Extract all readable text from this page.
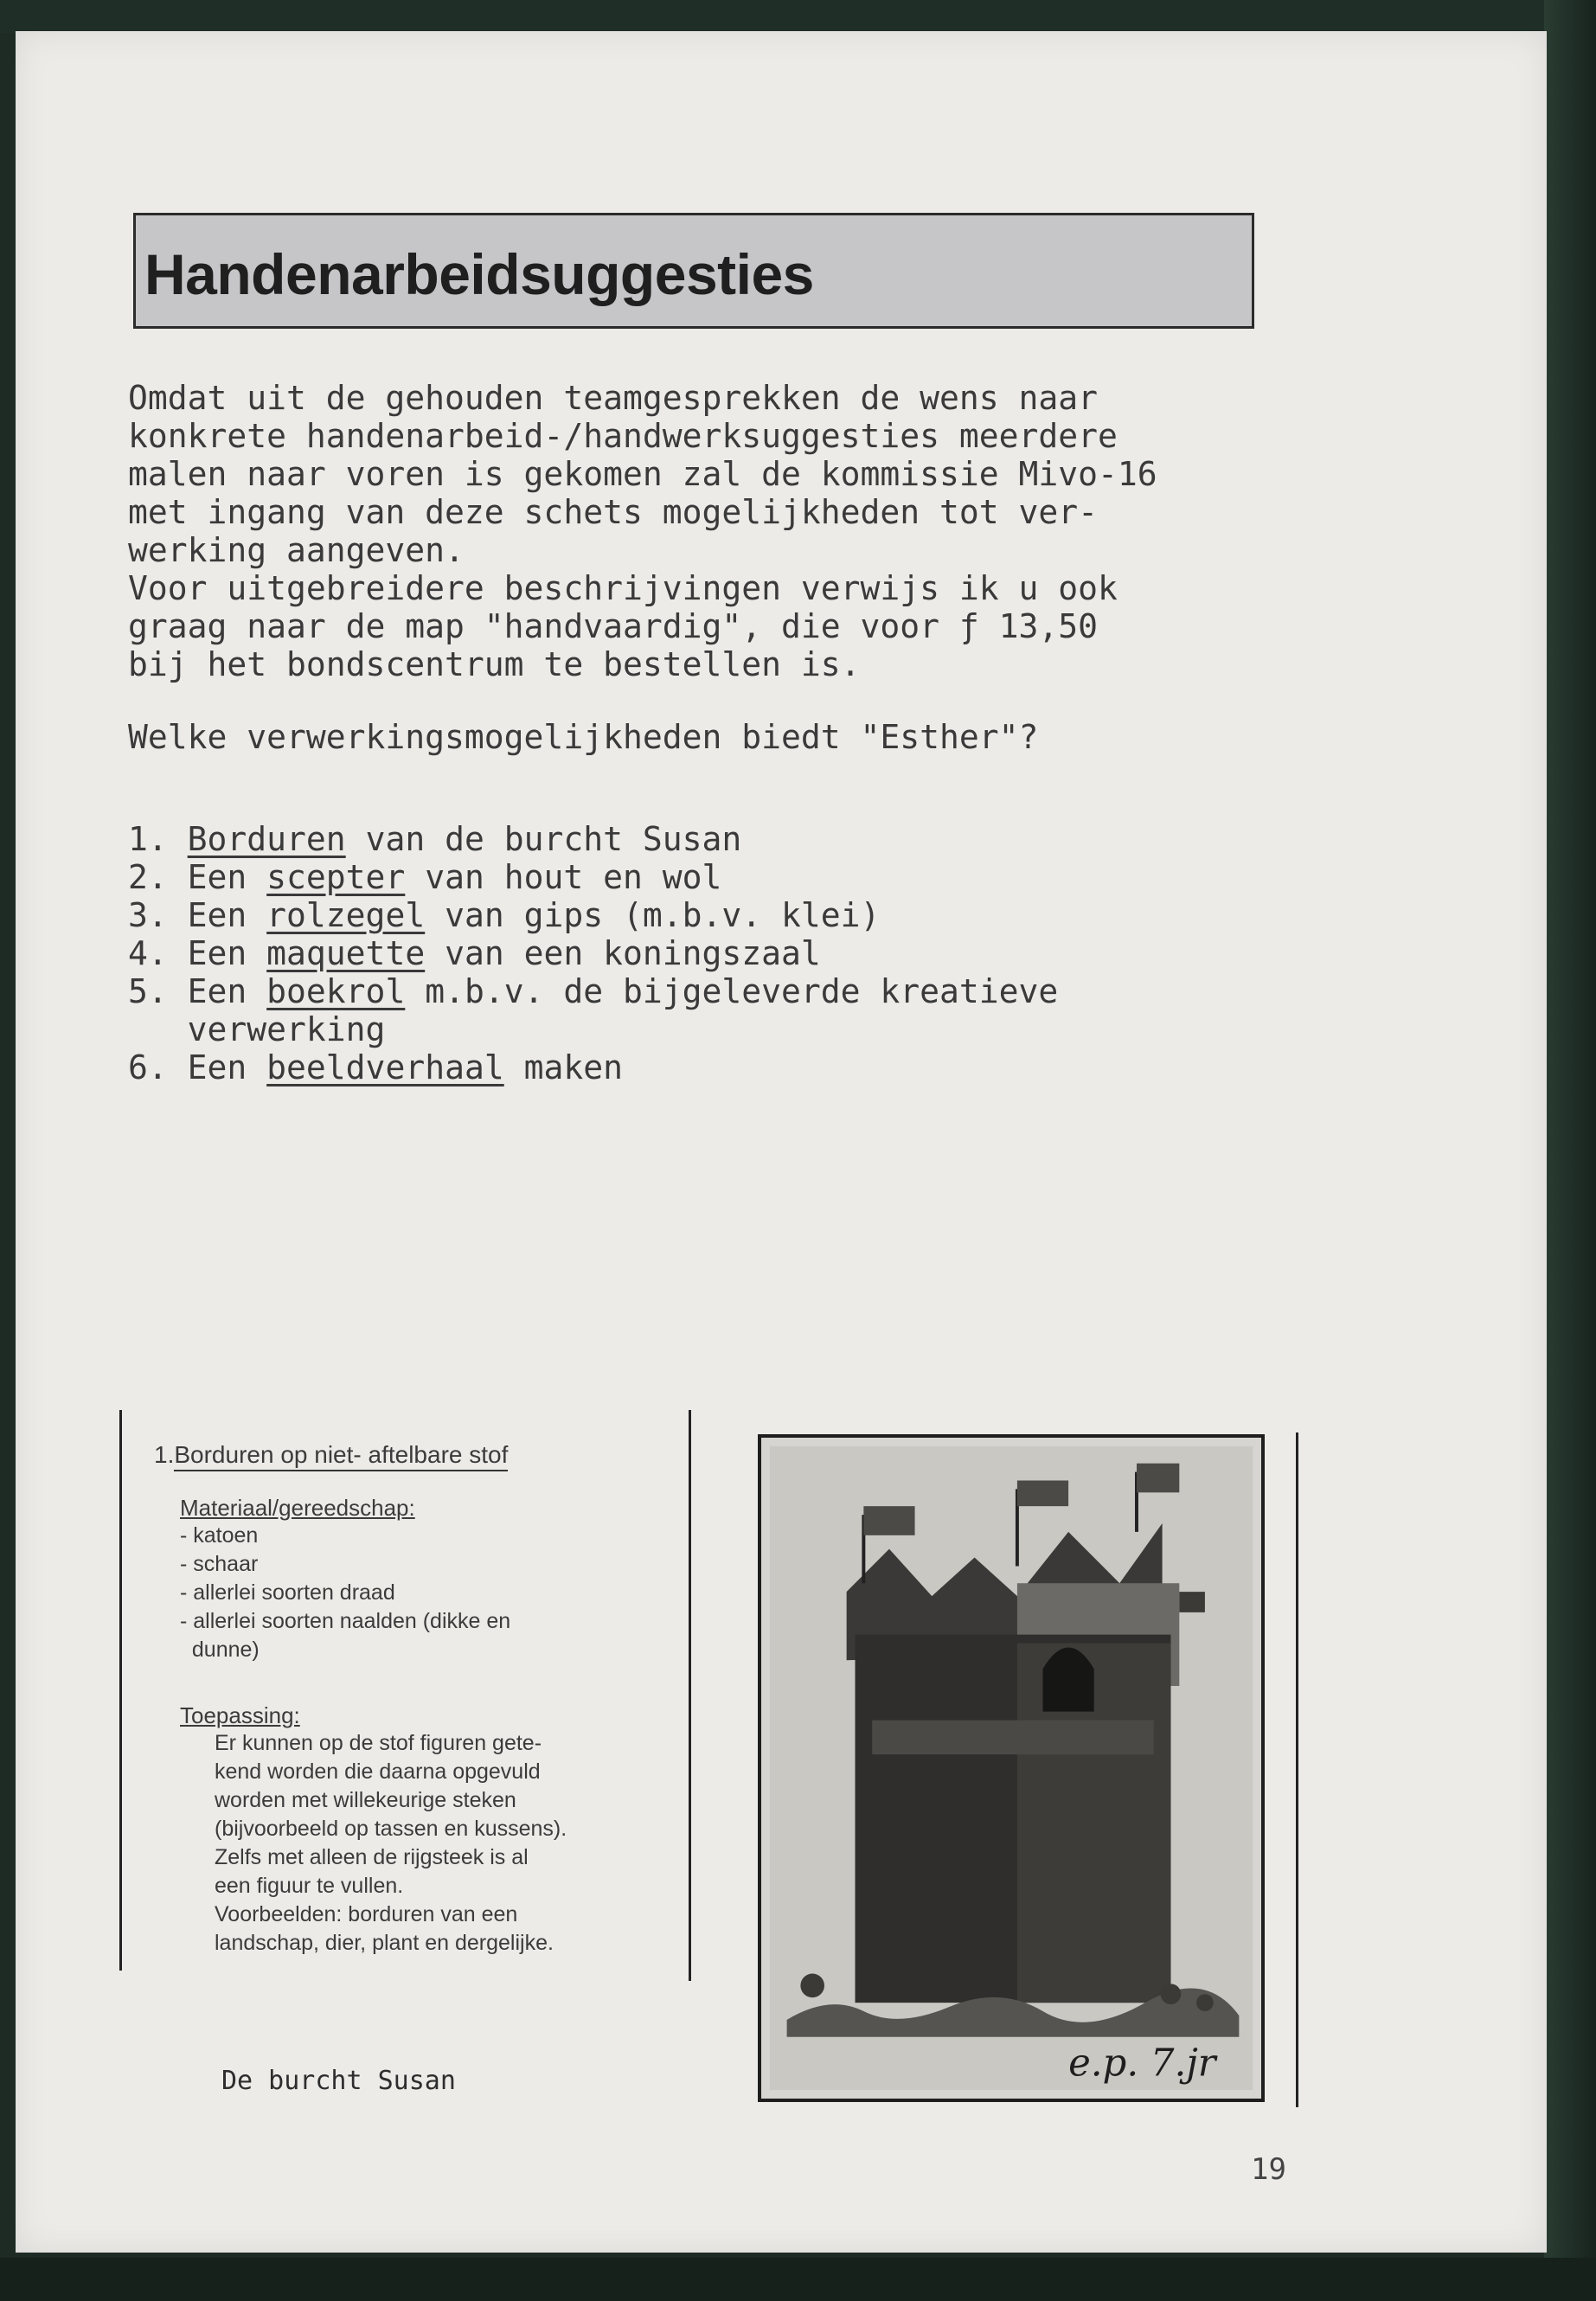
Handenarbeidsuggesties

Omdat uit de gehouden teamgesprekken de wens naar

konkrete handenarbeid-/handwerksuggesties meerdere

malen naar voren is gekomen zal de kommissie Mivo-16

met ingang van deze schets mogelijkheden tot ver-

werking aangeven.

Voor uitgebreidere beschrijvingen verwijs ik u ook

graag naar de map "handvaardig", die voor ƒ 13,50

bij het bondscentrum te bestellen is.

Welke verwerkingsmogelijkheden biedt "Esther"?

1. Borduren van de burcht Susan
2. Een scepter van hout en wol
3. Een rolzegel van gips (m.b.v. klei)
4. Een maquette van een koningszaal
5. Een boekrol m.b.v. de bijgeleverde kreatieve
verwerking
6. Een beeldverhaal maken

1.Borduren op niet- aftelbare stof

Materiaal/gereedschap:

- katoen
- schaar
- allerlei soorten draad
- allerlei soorten naalden (dikke en
dunne)

Toepassing:

Er kunnen op de stof figuren gete-
kend worden die daarna opgevuld
worden met willekeurige steken
(bijvoorbeeld op tassen en kussens).
Zelfs met alleen de rijgsteek is al
een figuur te vullen.
Voorbeelden: borduren van een
landschap, dier, plant en dergelijke.
e.p. 7.jr
De burcht Susan
19
